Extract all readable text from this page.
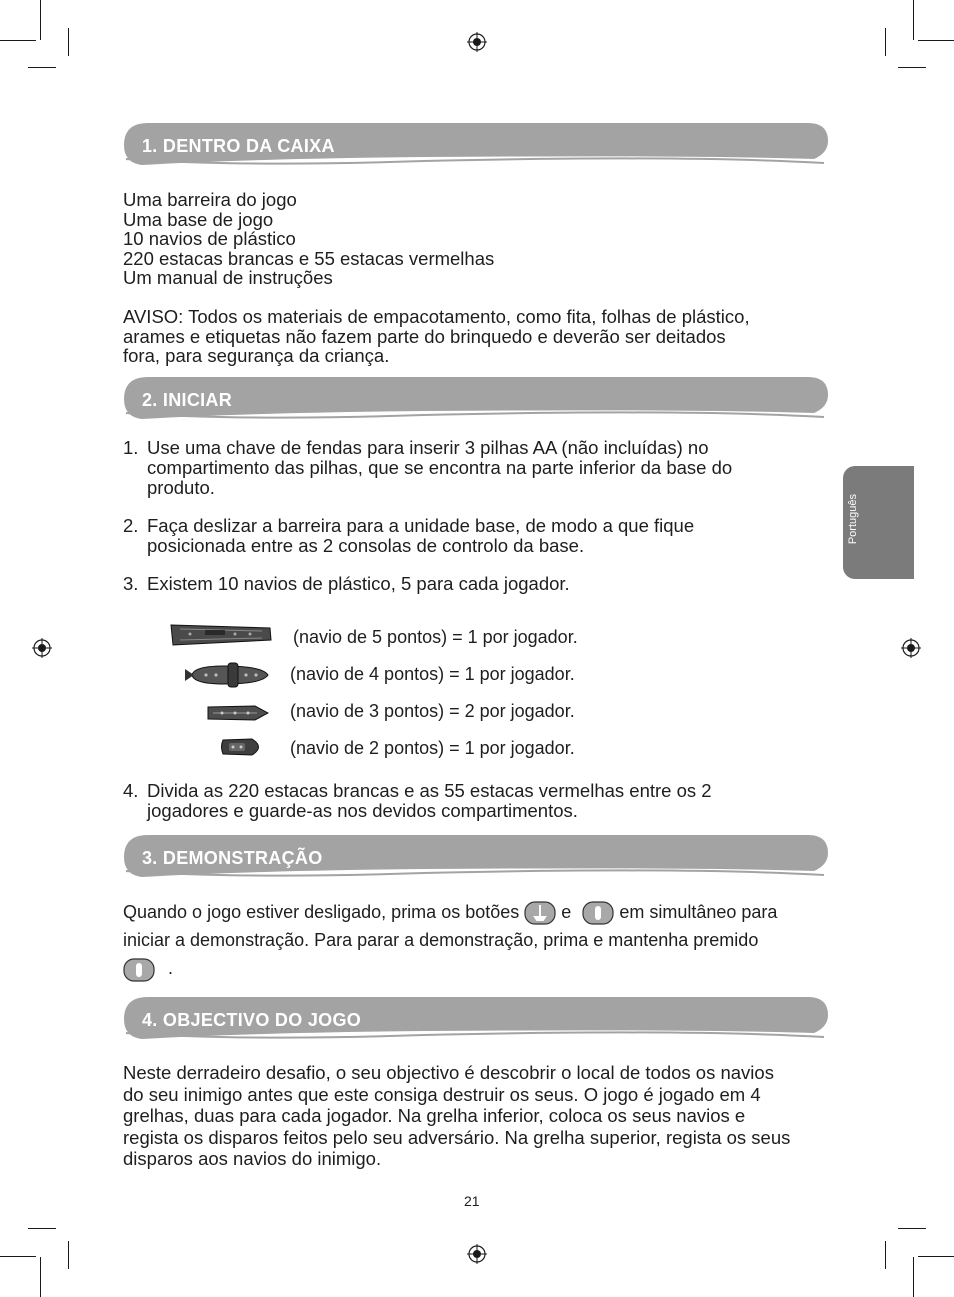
Português
1. DENTRO DA CAIXA
Uma barreira do jogo
Uma base de jogo
10 navios de plástico
220 estacas brancas e 55 estacas vermelhas
Um manual de instruções
AVISO: Todos os materiais de empacotamento, como fita, folhas de plástico,
arames e etiquetas não fazem parte do brinquedo e deverão ser deitados
fora, para segurança da criança.
2. INICIAR
1. Use uma chave de fendas para inserir 3 pilhas AA (não incluídas) no
compartimento das pilhas, que se encontra na parte inferior da base do
produto.
2. Faça deslizar a barreira para a unidade base, de modo a que fique
posicionada entre as 2 consolas de controlo da base.
3. Existem 10 navios de plástico, 5 para cada jogador.
4. Divida as 220 estacas brancas e as 55 estacas vermelhas entre os 2
jogadores e guarde-as nos devidos compartimentos.
(navio de 5 pontos) = 1 por jogador.
(navio de 4 pontos) = 1 por jogador.
(navio de 3 pontos) = 2 por jogador.
(navio de 2 pontos) = 1 por jogador.
3. DEMONSTRAÇÃO
Quando o jogo estiver desligado, prima os botões e	em simultâneo para
iniciar a demonstração. Para parar a demonstração, prima e mantenha premido
.
4. OBJECTIVO DO JOGO
Neste derradeiro desafio, o seu objectivo é descobrir o local de todos os navios
do seu inimigo antes que este consiga destruir os seus. O jogo é jogado em 4
grelhas, duas para cada jogador. Na grelha inferior, coloca os seus navios e
regista os disparos feitos pelo seu adversário. Na grelha superior, regista os seus
disparos aos navios do inimigo.
21
